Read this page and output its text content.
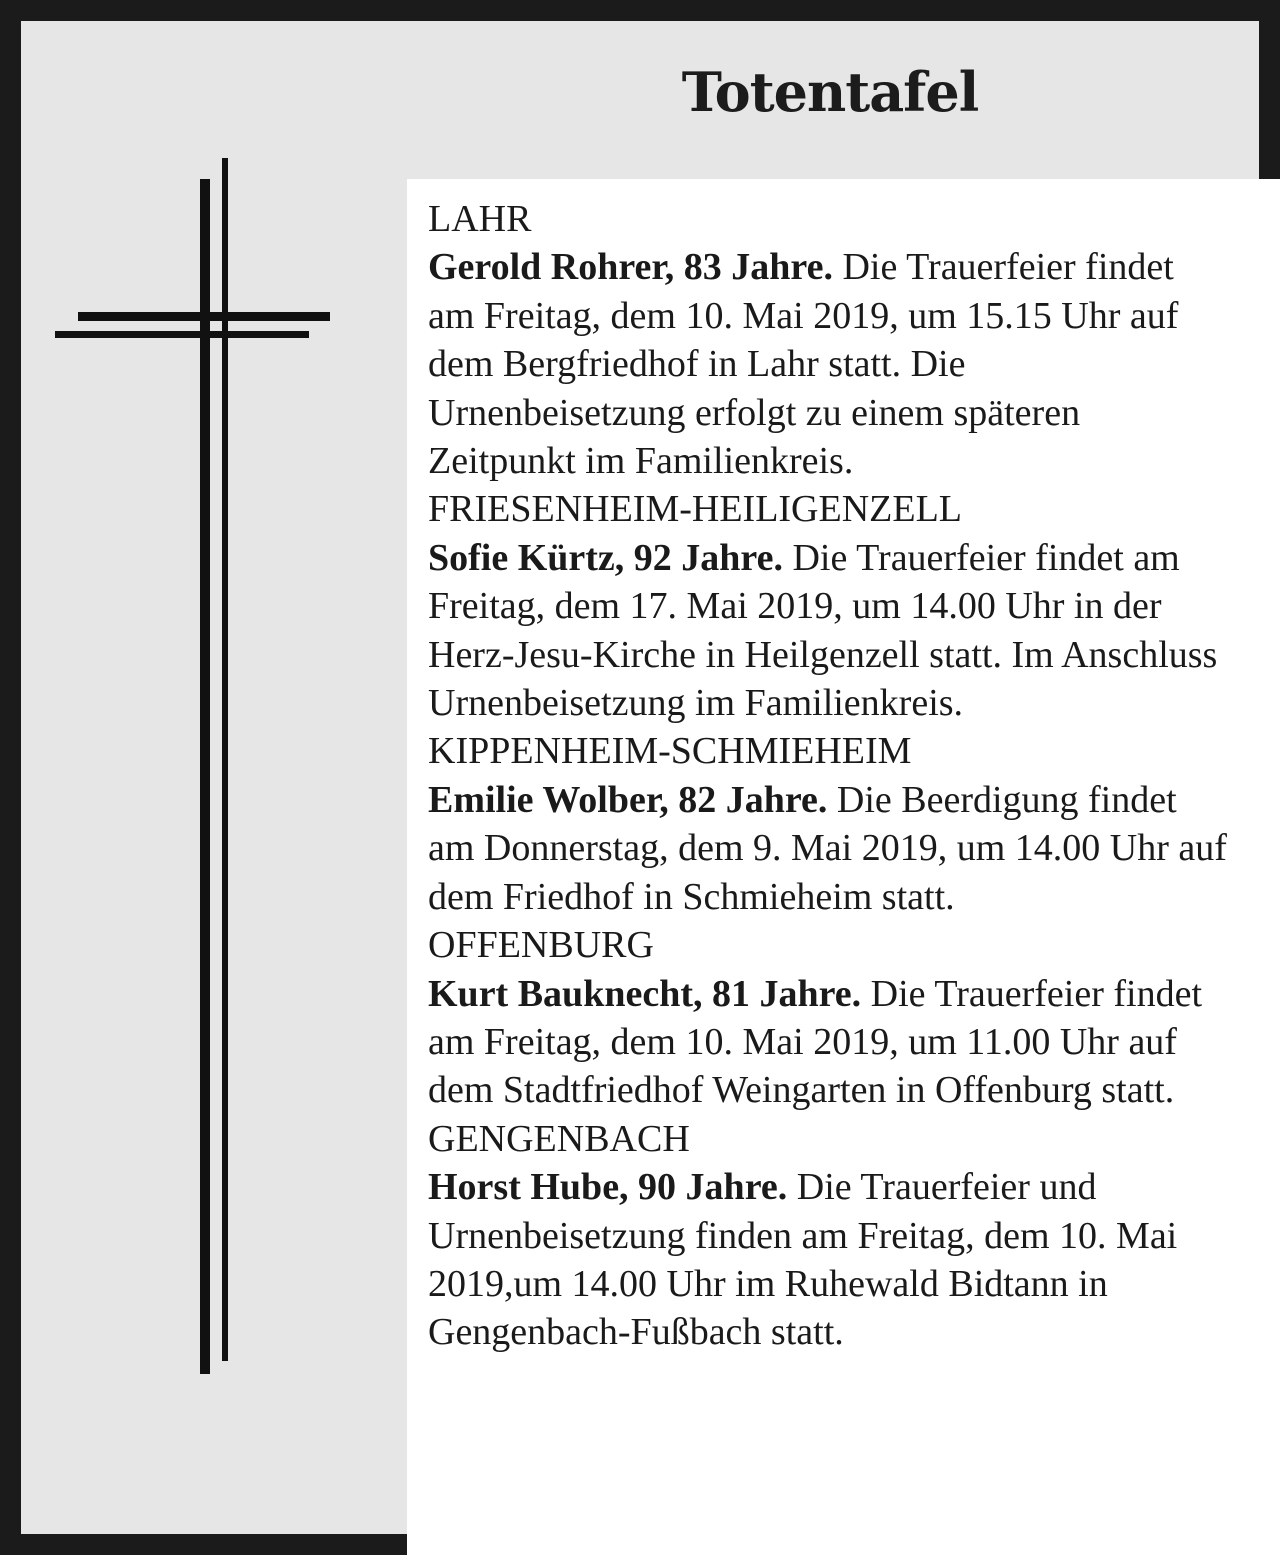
Totentafel
LAHR
Gerold Rohrer, 83 Jahre. Die Trauerfeier findet am Freitag, dem 10. Mai 2019, um 15.15 Uhr auf dem Bergfriedhof in Lahr statt. Die Urnenbeisetzung erfolgt zu einem späteren Zeitpunkt im Familienkreis.
FRIESENHEIM-HEILIGENZELL
Sofie Kürtz, 92 Jahre. Die Trauerfeier findet am Freitag, dem 17. Mai 2019, um 14.00 Uhr in der Herz-Jesu-Kirche in Heilgenzell statt. Im Anschluss Urnenbeisetzung im Familienkreis.
KIPPENHEIM-SCHMIEHEIM
Emilie Wolber, 82 Jahre. Die Beerdigung findet am Donnerstag, dem 9. Mai 2019, um 14.00 Uhr auf dem Friedhof in Schmieheim statt.
OFFENBURG
Kurt Bauknecht, 81 Jahre. Die Trauerfeier findet am Freitag, dem 10. Mai 2019, um 11.00 Uhr auf dem Stadtfriedhof Weingarten in Offenburg statt.
GENGENBACH
Horst Hube, 90 Jahre. Die Trauerfeier und Urnenbeisetzung finden am Freitag, dem 10. Mai 2019,um 14.00 Uhr im Ruhewald Bidtann in Gengenbach-Fußbach statt.
